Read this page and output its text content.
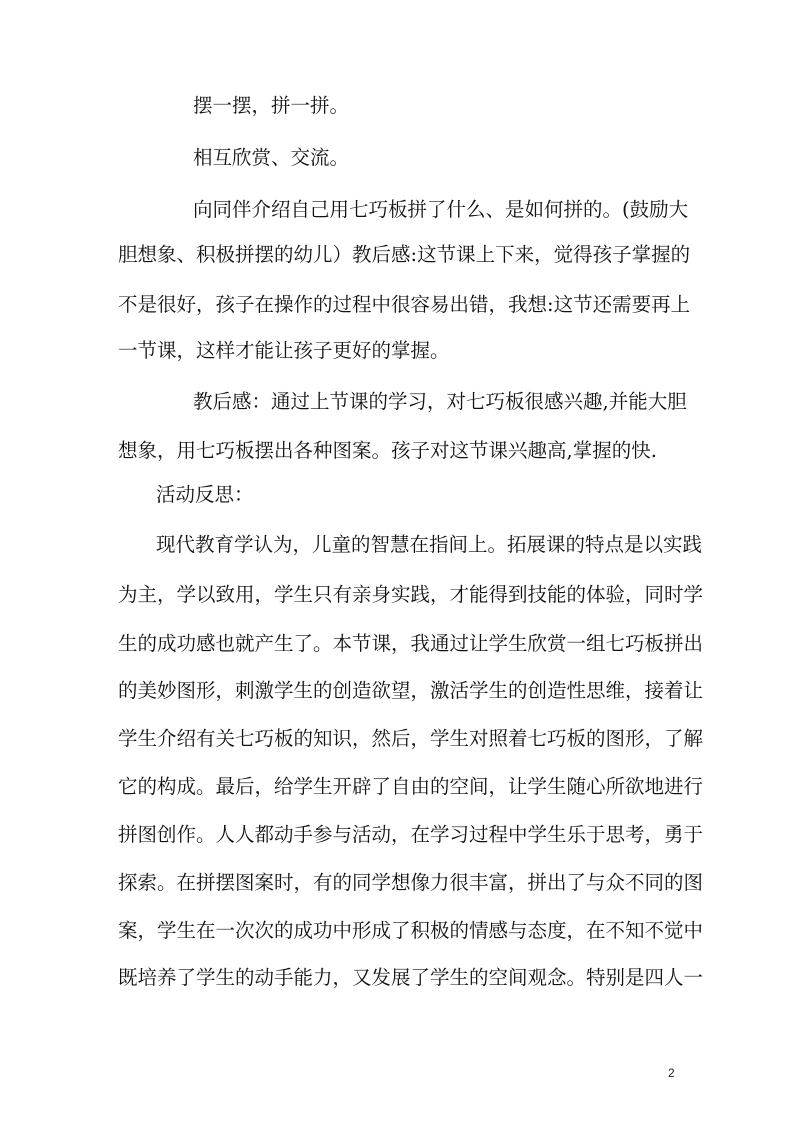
摆一摆，拼一拼。
相互欣赏、交流。
向同伴介绍自己用七巧板拼了什么、是如何拼的。(鼓励大
胆想象、积极拼摆的幼儿）教后感:这节课上下来，觉得孩子掌握的
不是很好，孩子在操作的过程中很容易出错，我想:这节还需要再上
一节课，这样才能让孩子更好的掌握。
教后感：通过上节课的学习，对七巧板很感兴趣,并能大胆
想象，用七巧板摆出各种图案。孩子对这节课兴趣高,掌握的快.
活动反思：
现代教育学认为，儿童的智慧在指间上。拓展课的特点是以实践
为主，学以致用，学生只有亲身实践，才能得到技能的体验，同时学
生的成功感也就产生了。本节课，我通过让学生欣赏一组七巧板拼出
的美妙图形，刺激学生的创造欲望，激活学生的创造性思维，接着让
学生介绍有关七巧板的知识，然后，学生对照着七巧板的图形，了解
它的构成。最后，给学生开辟了自由的空间，让学生随心所欲地进行
拼图创作。人人都动手参与活动，在学习过程中学生乐于思考，勇于
探索。在拼摆图案时，有的同学想像力很丰富，拼出了与众不同的图
案，学生在一次次的成功中形成了积极的情感与态度，在不知不觉中
既培养了学生的动手能力，又发展了学生的空间观念。特别是四人一
2
